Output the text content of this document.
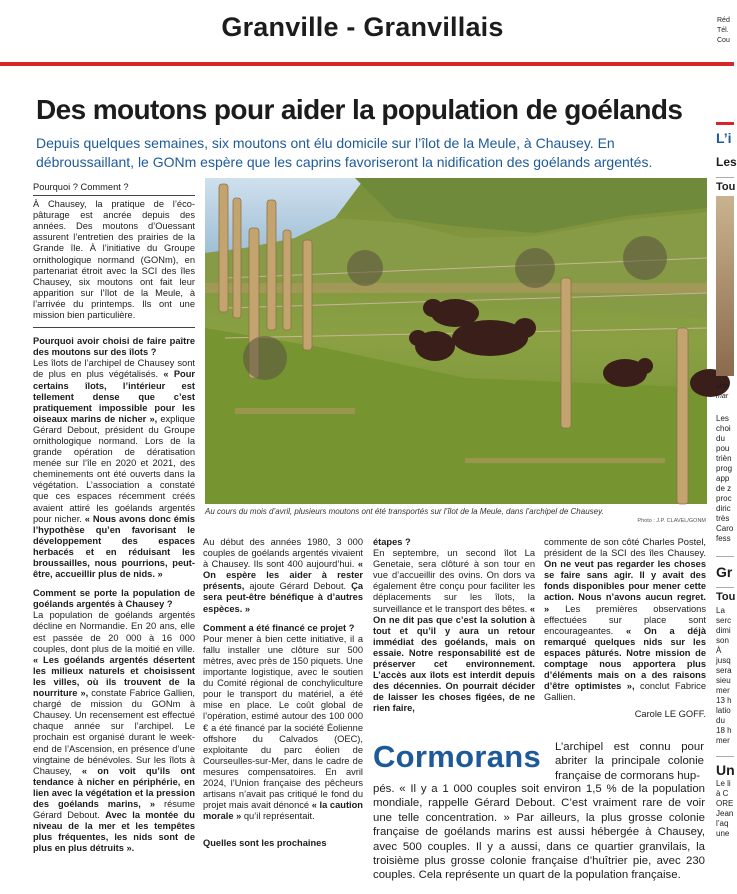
Granville - Granvillais	Réd
Tél.
Cou
Des moutons pour aider la population de goélands

Depuis quelques semaines, six moutons ont élu domicile sur l’îlot de la Meule, à Chausey. En débroussaillant, le GONm espère que les caprins favoriseront la nidification des goélands argentés.

Pourquoi ? Comment ?

À Chausey, la pratique de l’éco-pâturage est ancrée depuis des années. Des moutons d’Ouessant assurent l’entretien des prairies de la Grande île. À l’initiative du Groupe ornithologique normand (GONm), en partenariat étroit avec la SCI des îles Chausey, six moutons ont fait leur apparition sur l’îlot de la Meule, à l’arrivée du printemps. Ils ont une mission bien particulière.

Pourquoi avoir choisi de faire paître des moutons sur des îlots ?

Les îlots de l’archipel de Chausey sont de plus en plus végétalisés. « Pour certains îlots, l’intérieur est tellement dense que c’est pratiquement impossible pour les oiseaux marins de nicher », explique Gérard Debout, président du Groupe ornithologique normand. Lors de la grande opération de dératisation menée sur l’île en 2020 et 2021, des cheminements ont été ouverts dans la végétation. L’association a constaté que ces espaces récemment créés avaient attiré les goélands argentés pour nicher. « Nous avons donc émis l’hypothèse qu’en favorisant le développement des espaces herbacés et en réduisant les broussailles, nous pourrions, peut-être, accueillir plus de nids. »

Comment se porte la population de goélands argentés à Chausey ?

La population de goélands argentés décline en Normandie. En 20 ans, elle est passée de 20 000 à 16 000 couples, dont plus de la moitié en ville. « Les goélands argentés désertent les milieux naturels et choisissent les villes, où ils trouvent de la nourriture », constate Fabrice Gallien, chargé de mission du GONm à Chausey. Un recensement est effectué chaque année sur l’archipel. Le prochain est organisé durant le week-end de l’Ascension, en présence d’une vingtaine de bénévoles. Sur les îlots à Chausey, « on voit qu’ils ont tendance à nicher en périphérie, en lien avec la végétation et la pression des goélands marins, » résume Gérard Debout. Avec la montée du niveau de la mer et les tempêtes plus fréquentes, les nids sont de plus en plus détruits ».

Au cours du mois d’avril, plusieurs moutons ont été transportés sur l’îlot de la Meule, dans l’archipel de Chausey.

Photo : J.P. CLAVEL/GONM

Au début des années 1980, 3 000 couples de goélands argentés vivaient à Chausey. Ils sont 400 aujourd’hui. « On espère les aider à rester présents, ajoute Gérard Debout. Ça sera peut-être bénéfique à d’autres espèces. »

Comment a été financé ce projet ?

Pour mener à bien cette initiative, il a fallu installer une clôture sur 500 mètres, avec près de 150 piquets. Une importante logistique, avec le soutien du Comité régional de conchyliculture pour le transport du matériel, a été mise en place. Le coût global de l’opération, estimé autour des 100 000 € a été financé par la société Éolienne offshore du Calvados (OEC), exploitante du parc éolien de Courseulles-sur-Mer, dans le cadre de mesures compensatoires. En avril 2024, l’Union française des pêcheurs artisans n’avait pas critiqué le fond du projet mais avait dénoncé « la caution morale » qu’il représentait.

Quelles sont les prochaines

étapes ?

En septembre, un second îlot La Genetaie, sera clôturé à son tour en vue d’accueillir des ovins. On dors va également être conçu pour faciliter les déplacements sur les îlots, la surveillance et le transport des bêtes. « On ne dit pas que c’est la solution à tout et qu’il y aura un retour immédiat des goélands, mais on essaie. Notre responsabilité est de préserver cet environnement. L’accès aux îlots est interdit depuis des décennies. On pourrait décider de laisser les choses figées, de ne rien faire,

commente de son côté Charles Postel, président de la SCI des îles Chausey. On ne veut pas regarder les choses se faire sans agir. Il y avait des fonds disponibles pour mener cette action. Nous n’avons aucun regret. » Les premières observations effectuées sur place sont encourageantes. « On a déjà remarqué quelques nids sur les espaces pâturés. Notre mission de comptage nous apportera plus d’éléments mais on a des raisons d’être optimistes », conclut Fabrice Gallien.

Carole LE GOFF.

Cormorans L’archipel est connu pour abriter la principale colonie française de cormorans hup-

pés. « Il y a 1 000 couples soit environ 1,5 % de la population mondiale, rappelle Gérard Debout. C’est vraiment rare de voir une telle concentration. » Par ailleurs, la plus grosse colonie française de goélands marins est aussi hébergée à Chausey, avec 500 couples. Il y a aussi, dans ce quartier granvilais, la troisième plus grosse colonie française d’huîtrier pie, avec 230 couples. Cela représente un quart de la population française.

L’i
Les
Tou
Une
mar
Les
choi
du
pou
trièn
prog
app
de z
proc
diric
très
Caro
fess
Gr
Tou
La
serc
dimi
son
À
jusq
sera
sieu
mer
13 h
latio
du
18 h
mer
Un
Le li
à C
ORE
Jean
l’aq
une
